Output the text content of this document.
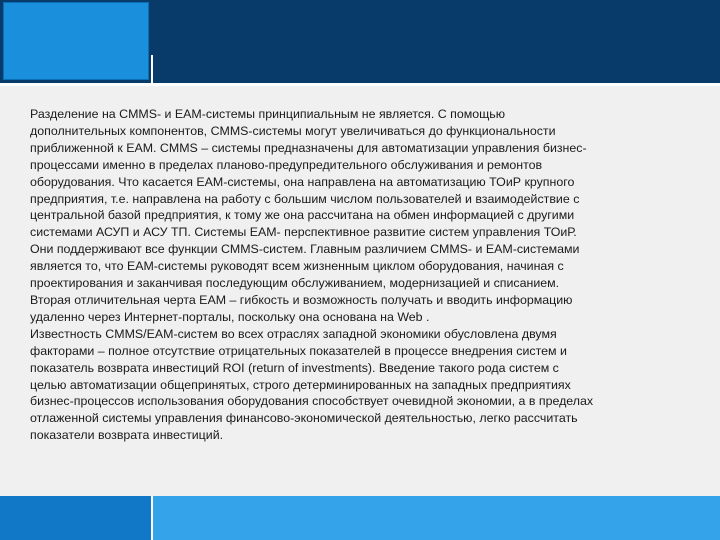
Разделение на CMMS- и EAM-системы принципиальным не является. С помощью
дополнительных компонентов, CMMS-системы могут увеличиваться до функциональности
приближенной к EAM. CMMS – системы предназначены для автоматизации управления бизнес-
процессами именно в пределах планово-предупредительного обслуживания и ремонтов
оборудования. Что касается EAM-системы, она направлена на автоматизацию ТОиР крупного
предприятия, т.е. направлена на работу с большим числом пользователей и взаимодействие с
центральной базой предприятия, к тому же она рассчитана на обмен информацией с другими
системами АСУП и АСУ ТП. Системы EAM- перспективное развитие систем управления ТОиР.
Они поддерживают все функции CMMS-систем. Главным различием CMMS- и EAM-системами
является то, что EAM-системы руководят всем жизненным циклом оборудования, начиная с
проектирования и заканчивая последующим обслуживанием, модернизацией и списанием.
Вторая отличительная черта EAM – гибкость и возможность получать и вводить информацию
удаленно через Интернет-порталы, поскольку она основана на Web .
Известность CMMS/EAM-систем во всех отраслях западной экономики обусловлена двумя
факторами – полное отсутствие отрицательных показателей в процессе внедрения систем и
показатель возврата инвестиций ROI (return of investments). Введение такого рода систем с
целью автоматизации общепринятых, строго детерминированных на западных предприятиях
бизнес-процессов использования оборудования способствует очевидной экономии, а в пределах
отлаженной системы управления финансово-экономической деятельностью, легко рассчитать
показатели возврата инвестиций.
